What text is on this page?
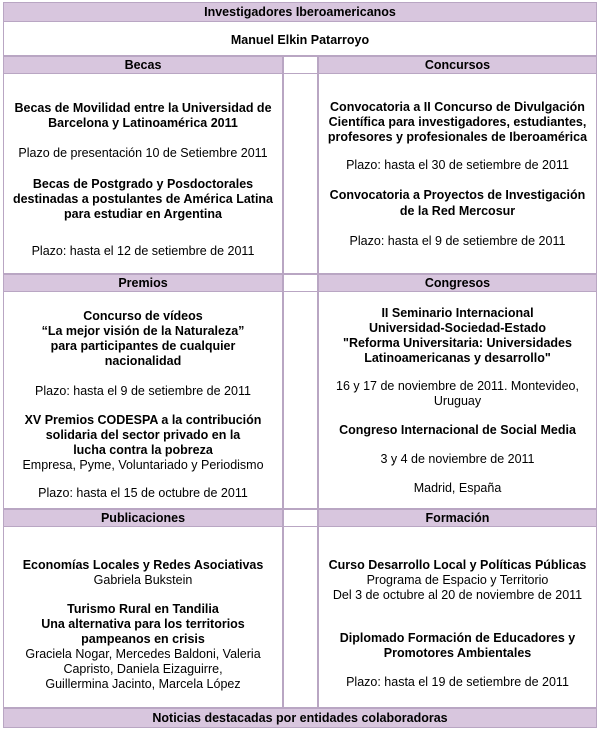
Investigadores Iberoamericanos
Manuel Elkin Patarroyo
Becas	Concursos
Becas de Movilidad entre la Universidad de
Barcelona y Latinoamérica 2011
Plazo de presentación 10 de Setiembre 2011
Becas de Postgrado y Posdoctorales
destinadas a postulantes de América Latina
para estudiar en Argentina
Plazo: hasta el 12 de setiembre de 2011
Convocatoria a II Concurso de Divulgación
Científica para investigadores, estudiantes,
profesores y profesionales de Iberoamérica
Plazo: hasta el 30 de setiembre de 2011
Convocatoria a Proyectos de Investigación
de la Red Mercosur
Plazo: hasta el 9 de setiembre de 2011
Premios	Congresos
Concurso de vídeos
“La mejor visión de la Naturaleza”
para participantes de cualquier
nacionalidad
Plazo: hasta el 9 de setiembre de 2011
XV Premios CODESPA a la contribución
solidaria del sector privado en la
lucha contra la pobreza
Empresa, Pyme, Voluntariado y Periodismo
Plazo: hasta el 15 de octubre de 2011
II Seminario Internacional
Universidad-Sociedad-Estado
"Reforma Universitaria: Universidades
Latinoamericanas y desarrollo"
16 y 17 de noviembre de 2011. Montevideo,
Uruguay
Congreso Internacional de Social Media
3 y 4 de noviembre de 2011
Madrid, España
Publicaciones	Formación
Economías Locales y Redes Asociativas
Gabriela Bukstein
Turismo Rural en Tandilia
Una alternativa para los territorios
pampeanos en crisis
Graciela Nogar, Mercedes Baldoni, Valeria
Capristo, Daniela Eizaguirre,
Guillermina Jacinto, Marcela López
Curso Desarrollo Local y Políticas Públicas
Programa de Espacio y Territorio
Del 3 de octubre al 20 de noviembre de 2011
Diplomado Formación de Educadores y
Promotores Ambientales
Plazo: hasta el 19 de setiembre de 2011
Noticias destacadas por entidades colaboradoras
